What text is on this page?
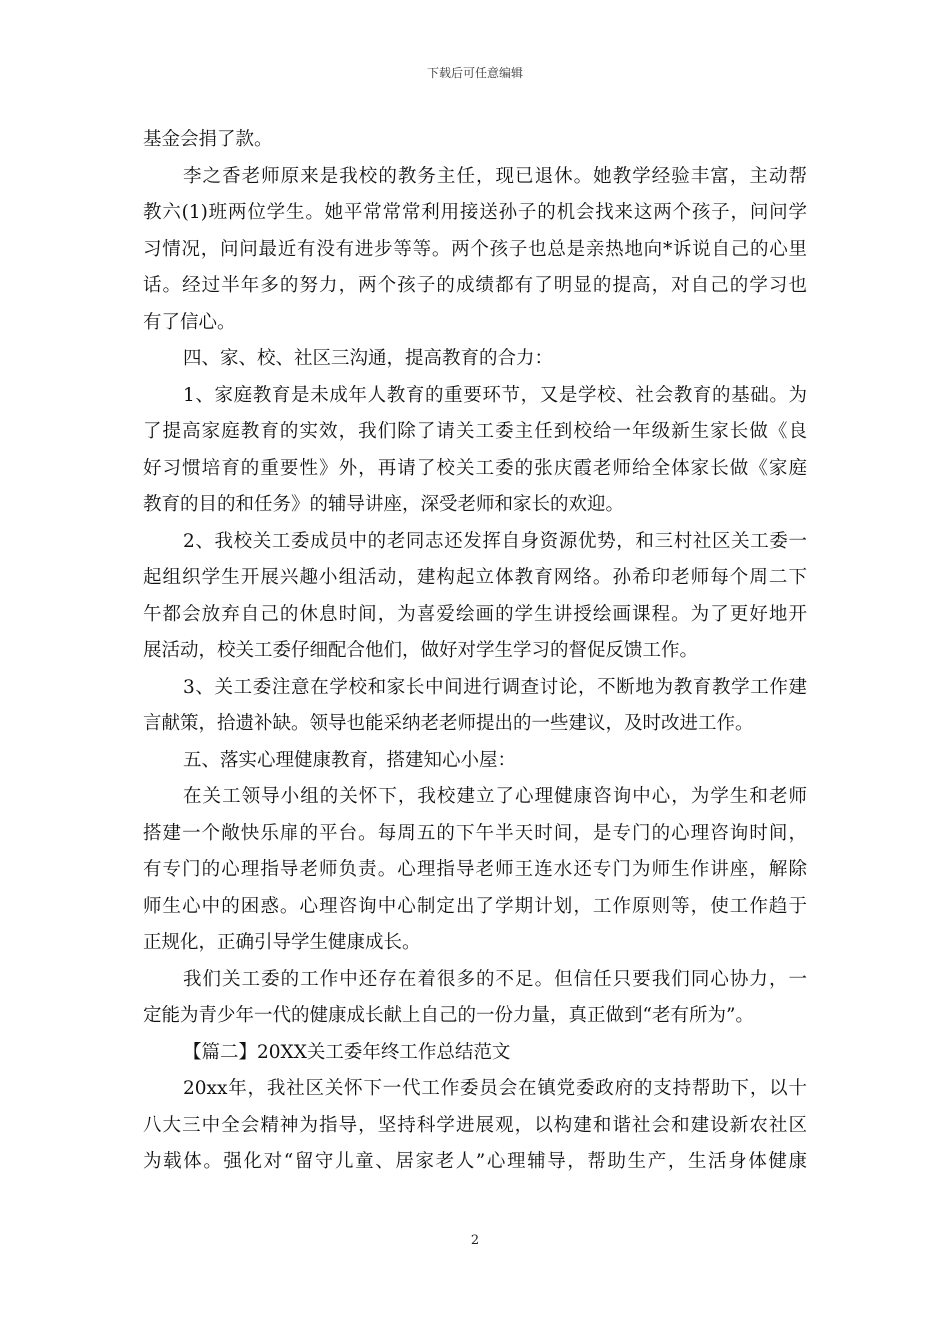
下载后可任意编辑
基金会捐了款。
李之香老师原来是我校的教务主任，现已退休。她教学经验丰富，主动帮
教六(1)班两位学生。她平常常常利用接送孙子的机会找来这两个孩子，问问学
习情况，问问最近有没有进步等等。两个孩子也总是亲热地向*诉说自己的心里
话。经过半年多的努力，两个孩子的成绩都有了明显的提高，对自己的学习也
有了信心。
四、家、校、社区三沟通，提高教育的合力：
1、家庭教育是未成年人教育的重要环节，又是学校、社会教育的基础。为
了提高家庭教育的实效，我们除了请关工委主任到校给一年级新生家长做《良
好习惯培育的重要性》外，再请了校关工委的张庆霞老师给全体家长做《家庭
教育的目的和任务》的辅导讲座，深受老师和家长的欢迎。
2、我校关工委成员中的老同志还发挥自身资源优势，和三村社区关工委一
起组织学生开展兴趣小组活动，建构起立体教育网络。孙希印老师每个周二下
午都会放弃自己的休息时间，为喜爱绘画的学生讲授绘画课程。为了更好地开
展活动，校关工委仔细配合他们，做好对学生学习的督促反馈工作。
3、关工委注意在学校和家长中间进行调查讨论，不断地为教育教学工作建
言献策，拾遗补缺。领导也能采纳老老师提出的一些建议，及时改进工作。
五、落实心理健康教育，搭建知心小屋：
在关工领导小组的关怀下，我校建立了心理健康咨询中心，为学生和老师
搭建一个敞快乐扉的平台。每周五的下午半天时间，是专门的心理咨询时间，
有专门的心理指导老师负责。心理指导老师王连水还专门为师生作讲座，解除
师生心中的困惑。心理咨询中心制定出了学期计划，工作原则等，使工作趋于
正规化，正确引导学生健康成长。
我们关工委的工作中还存在着很多的不足。但信任只要我们同心协力，一
定能为青少年一代的健康成长献上自己的一份力量，真正做到“老有所为”。
【篇二】20XX关工委年终工作总结范文
20xx年，我社区关怀下一代工作委员会在镇党委政府的支持帮助下，以十
八大三中全会精神为指导，坚持科学进展观，以构建和谐社会和建设新农社区
为载体。强化对“留守儿童、居家老人”心理辅导，帮助生产，生活身体健康
2
